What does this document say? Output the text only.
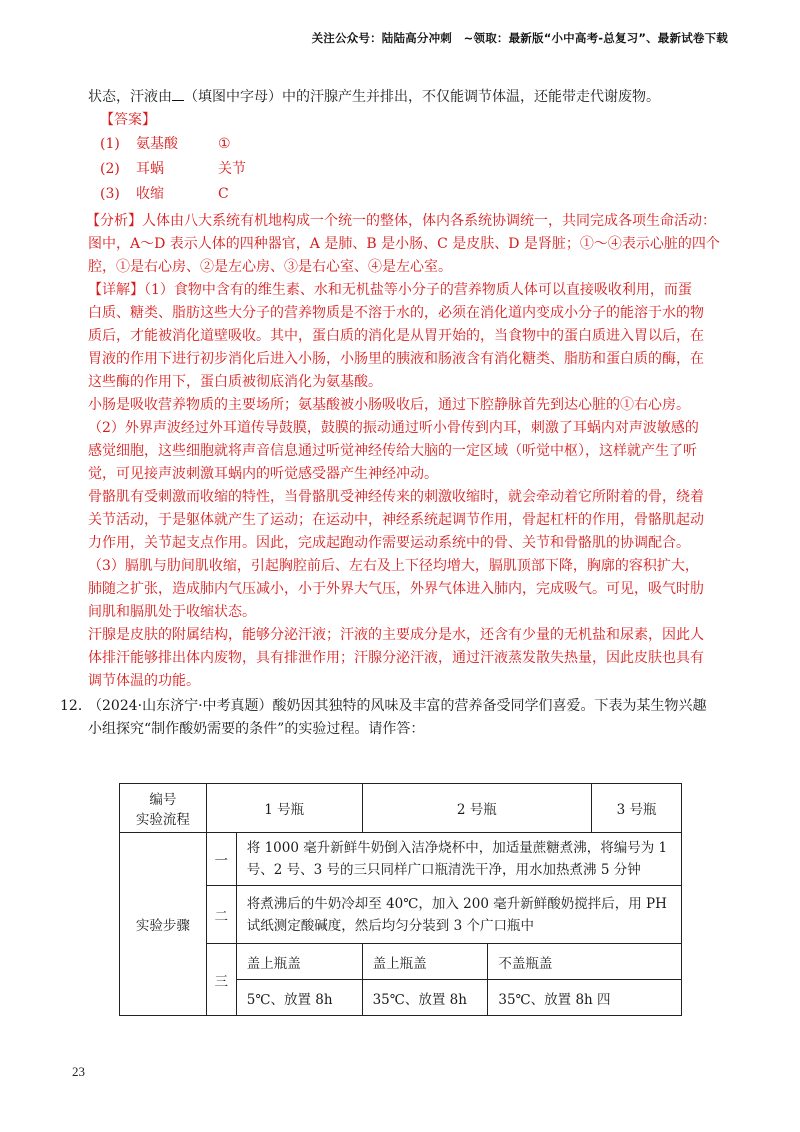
关注公众号：陆陆高分冲刺　~领取：最新版“小中高考-总复习”、最新试卷下载

状态，汗液由 （填图中字母）中的汗腺产生并排出，不仅能调节体温，还能带走代谢废物。

【答案】
(1) 氨基酸	①
(2) 耳蜗	关节
(3) 收缩	C
【分析】人体由八大系统有机地构成一个统一的整体，体内各系统协调统一，共同完成各项生命活动：
图中，A～D 表示人体的四种器官，A 是肺、B 是小肠、C 是皮肤、D 是肾脏；①～④表示心脏的四个
腔，①是右心房、②是左心房、③是右心室、④是左心室。
【详解】（1）食物中含有的维生素、水和无机盐等小分子的营养物质人体可以直接吸收利用，而蛋
白质、糖类、脂肪这些大分子的营养物质是不溶于水的，必须在消化道内变成小分子的能溶于水的物
质后，才能被消化道壁吸收。其中，蛋白质的消化是从胃开始的，当食物中的蛋白质进入胃以后，在
胃液的作用下进行初步消化后进入小肠，小肠里的胰液和肠液含有消化糖类、脂肪和蛋白质的酶，在
这些酶的作用下，蛋白质被彻底消化为氨基酸。
小肠是吸收营养物质的主要场所；氨基酸被小肠吸收后，通过下腔静脉首先到达心脏的①右心房。
（2）外界声波经过外耳道传导鼓膜，鼓膜的振动通过听小骨传到内耳，刺激了耳蜗内对声波敏感的
感觉细胞，这些细胞就将声音信息通过听觉神经传给大脑的一定区域（听觉中枢），这样就产生了听
觉，可见接声波刺激耳蜗内的听觉感受器产生神经冲动。
骨骼肌有受刺激而收缩的特性，当骨骼肌受神经传来的刺激收缩时，就会牵动着它所附着的骨，绕着
关节活动，于是躯体就产生了运动；在运动中，神经系统起调节作用，骨起杠杆的作用，骨骼肌起动
力作用，关节起支点作用。因此，完成起跑动作需要运动系统中的骨、关节和骨骼肌的协调配合。
（3）膈肌与肋间肌收缩，引起胸腔前后、左右及上下径均增大，膈肌顶部下降，胸廓的容积扩大，
肺随之扩张，造成肺内气压减小，小于外界大气压，外界气体进入肺内，完成吸气。可见，吸气时肋
间肌和膈肌处于收缩状态。
汗腺是皮肤的附属结构，能够分泌汗液；汗液的主要成分是水，还含有少量的无机盐和尿素，因此人
体排汗能够排出体内废物，具有排泄作用；汗腺分泌汗液，通过汗液蒸发散失热量，因此皮肤也具有
调节体温的功能。
12．（2024·山东济宁·中考真题）酸奶因其独特的风味及丰富的营养备受同学们喜爱。下表为某生物兴趣
小组探究“制作酸奶需要的条件”的实验过程。请作答：
编号
实验流程	1 号瓶		2 号瓶		3 号瓶
实验步骤	一	将 1000 毫升新鲜牛奶倒入洁净烧杯中，加适量蔗糖煮沸，将编号为 1 号、2 号、3 号的三只同样广口瓶清洗干净，用水加热煮沸 5 分钟			
	二	将煮沸后的牛奶冷却至 40℃，加入 200 毫升新鲜酸奶搅拌后，用 PH 试纸测定酸碱度，然后均匀分装到 3 个广口瓶中			
	三	盖上瓶盖	盖上瓶盖	不盖瓶盖	
		5℃、放置 8h	35℃、放置 8h	35℃、放置 8h 四	
23
